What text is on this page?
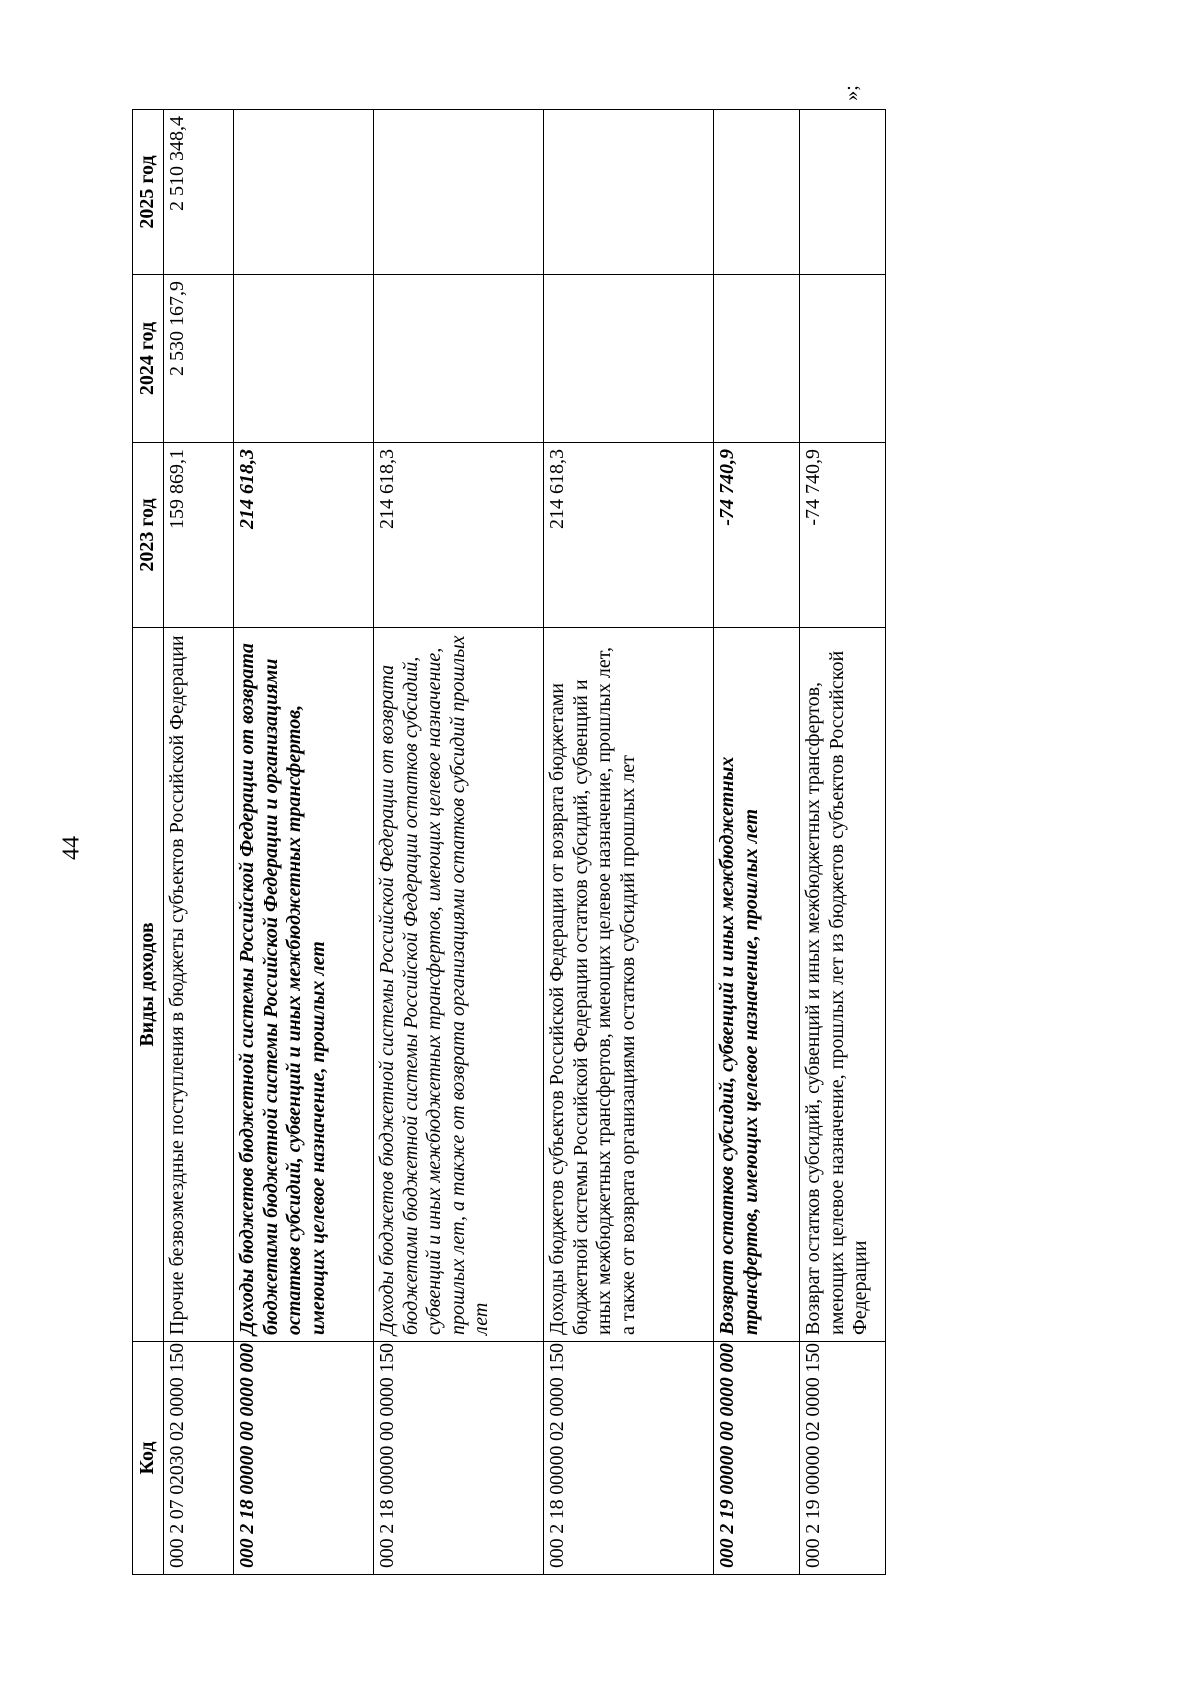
44
»;
Код	Виды доходов	2023 год	2024 год	2025 год
000 2 07 02030 02 0000 150	Прочие безвозмездные поступления в бюджеты субъектов Российской Федерации	159 869,1	2 530 167,9	2 510 348,4
000 2 18 00000 00 0000 000	Доходы бюджетов бюджетной системы Российской Федерации от возврата бюджетами бюджетной системы Российской Федерации и организациями остатков субсидий, субвенций и иных межбюджетных трансфертов, имеющих целевое назначение, прошлых лет	214 618,3		
000 2 18 00000 00 0000 150	Доходы бюджетов бюджетной системы Российской Федерации от возврата бюджетами бюджетной системы Российской Федерации остатков субсидий, субвенций и иных межбюджетных трансфертов, имеющих целевое назначение, прошлых лет, а также от возврата организациями остатков субсидий прошлых лет	214 618,3		
000 2 18 00000 02 0000 150	Доходы бюджетов субъектов Российской Федерации от возврата бюджетами бюджетной системы Российской Федерации остатков субсидий, субвенций и иных межбюджетных трансфертов, имеющих целевое назначение, прошлых лет, а также от возврата организациями остатков субсидий прошлых лет	214 618,3		
000 2 19 00000 00 0000 000	Возврат остатков субсидий, субвенций и иных межбюджетных трансфертов, имеющих целевое назначение, прошлых лет	-74 740,9		
000 2 19 00000 02 0000 150	Возврат остатков субсидий, субвенций и иных межбюджетных трансфертов, имеющих целевое назначение, прошлых лет из бюджетов субъектов Российской Федерации	-74 740,9		
